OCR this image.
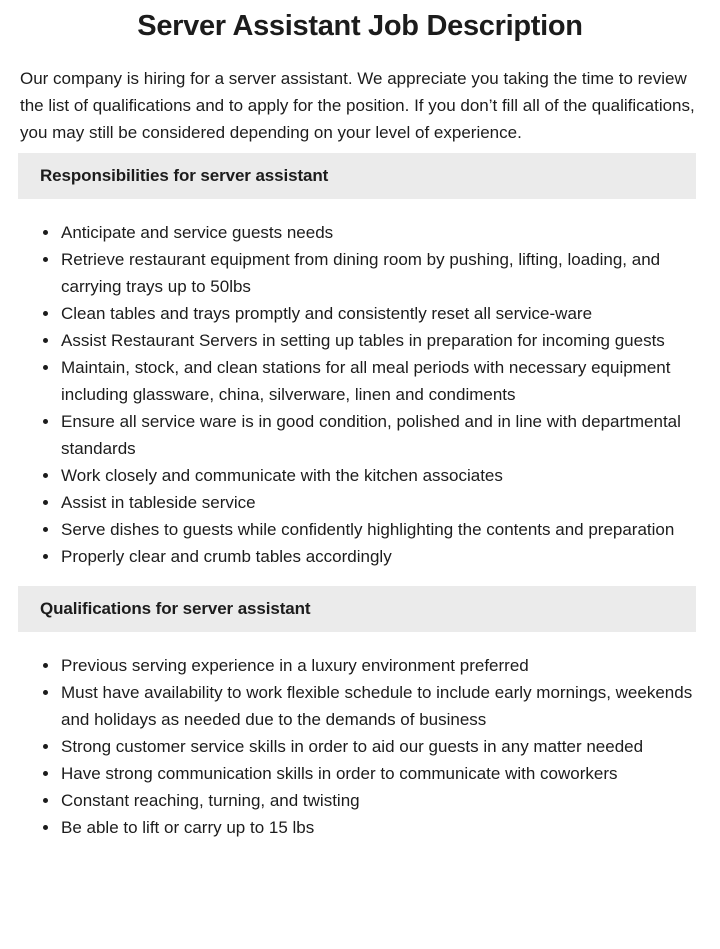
Server Assistant Job Description

Our company is hiring for a server assistant. We appreciate you taking the time to review the list of qualifications and to apply for the position. If you don’t fill all of the qualifications, you may still be considered depending on your level of experience.

Responsibilities for server assistant
Anticipate and service guests needs
Retrieve restaurant equipment from dining room by pushing, lifting, loading, and carrying trays up to 50lbs
Clean tables and trays promptly and consistently reset all service-ware
Assist Restaurant Servers in setting up tables in preparation for incoming guests
Maintain, stock, and clean stations for all meal periods with necessary equipment including glassware, china, silverware, linen and condiments
Ensure all service ware is in good condition, polished and in line with departmental standards
Work closely and communicate with the kitchen associates
Assist in tableside service
Serve dishes to guests while confidently highlighting the contents and preparation
Properly clear and crumb tables accordingly
Qualifications for server assistant
Previous serving experience in a luxury environment preferred
Must have availability to work flexible schedule to include early mornings, weekends and holidays as needed due to the demands of business
Strong customer service skills in order to aid our guests in any matter needed
Have strong communication skills in order to communicate with coworkers
Constant reaching, turning, and twisting
Be able to lift or carry up to 15 lbs
